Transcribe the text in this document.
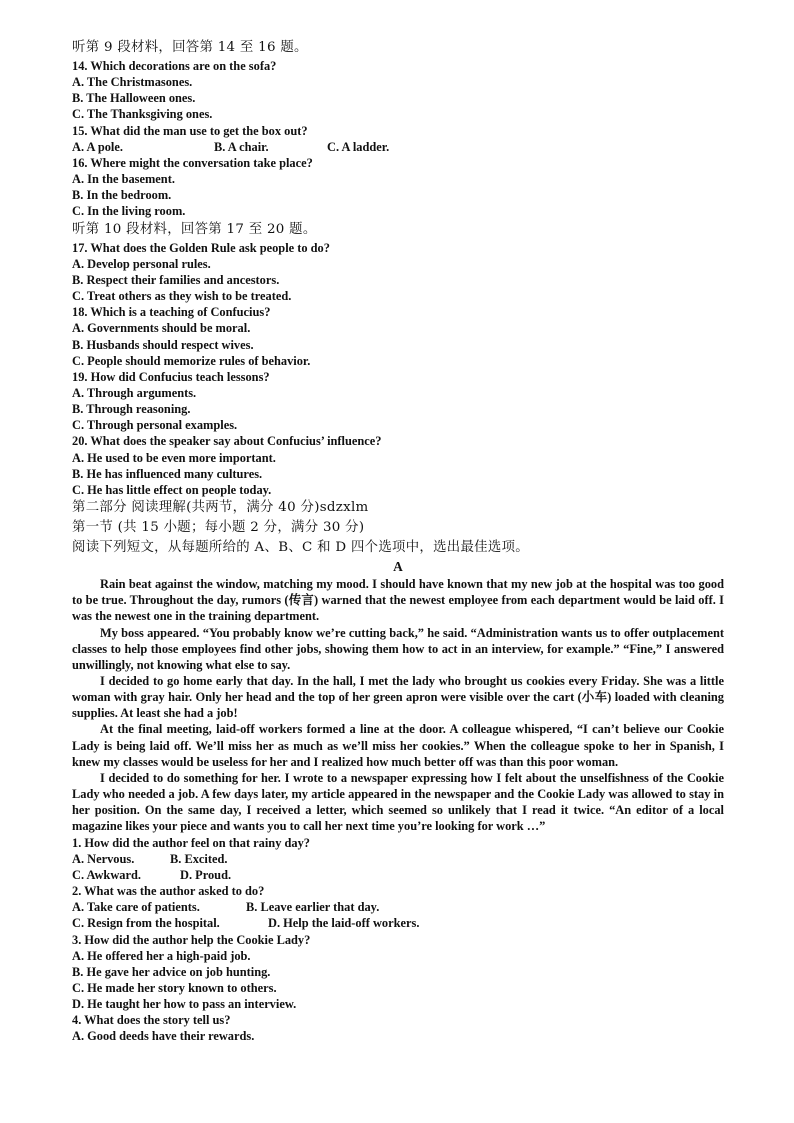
听第 9 段材料，回答第 14 至 16 题。
14. Which decorations are on the sofa?
A. The Christmasones.
B. The Halloween ones.
C. The Thanksgiving ones.
15. What did the man use to get the box out?
A. A pole.	B. A chair.	C. A ladder.
16. Where might the conversation take place?
A. In the basement.
B. In the bedroom.
C. In the living room.
听第 10 段材料，回答第 17 至 20 题。
17. What does the Golden Rule ask people to do?
A. Develop personal rules.
B. Respect their families and ancestors.
C. Treat others as they wish to be treated.
18. Which is a teaching of Confucius?
A. Governments should be moral.
B. Husbands should respect wives.
C. People should memorize rules of behavior.
19. How did Confucius teach lessons?
A. Through arguments.
B. Through reasoning.
C. Through personal examples.
20. What does the speaker say about Confucius’ influence?
A. He used to be even more important.
B. He has influenced many cultures.
C. He has little effect on people today.
第二部分 阅读理解(共两节，满分 40 分)sdzxlm
第一节 (共 15 小题；每小题 2 分，满分 30 分)
阅读下列短文，从每题所给的 A、B、C 和 D 四个选项中，选出最佳选项。
A
Rain beat against the window, matching my mood. I should have known that my new job at the hospital was too good to be true. Throughout the day, rumors (传言) warned that the newest employee from each department would be laid off. I was the newest one in the training department.
My boss appeared. “You probably know we’re cutting back,” he said. “Administration wants us to offer outplacement classes to help those employees find other jobs, showing them how to act in an interview, for example.” “Fine,” I answered unwillingly, not knowing what else to say.
I decided to go home early that day. In the hall, I met the lady who brought us cookies every Friday. She was a little woman with gray hair. Only her head and the top of her green apron were visible over the cart (小车) loaded with cleaning supplies. At least she had a job!
At the final meeting, laid-off workers formed a line at the door. A colleague whispered, “I can’t believe our Cookie Lady is being laid off. We’ll miss her as much as we’ll miss her cookies.” When the colleague spoke to her in Spanish, I knew my classes would be useless for her and I realized how much better off was than this poor woman.
I decided to do something for her. I wrote to a newspaper expressing how I felt about the unselfishness of the Cookie Lady who needed a job. A few days later, my article appeared in the newspaper and the Cookie Lady was allowed to stay in her position. On the same day, I received a letter, which seemed so unlikely that I read it twice. “An editor of a local magazine likes your piece and wants you to call her next time you’re looking for work …”
1. How did the author feel on that rainy day?
A. Nervous.	B. Excited.
C. Awkward.	D. Proud.
2. What was the author asked to do?
A. Take care of patients.	B. Leave earlier that day.
C. Resign from the hospital.	D. Help the laid-off workers.
3. How did the author help the Cookie Lady?
A. He offered her a high-paid job.
B. He gave her advice on job hunting.
C. He made her story known to others.
D. He taught her how to pass an interview.
4. What does the story tell us?
A. Good deeds have their rewards.
